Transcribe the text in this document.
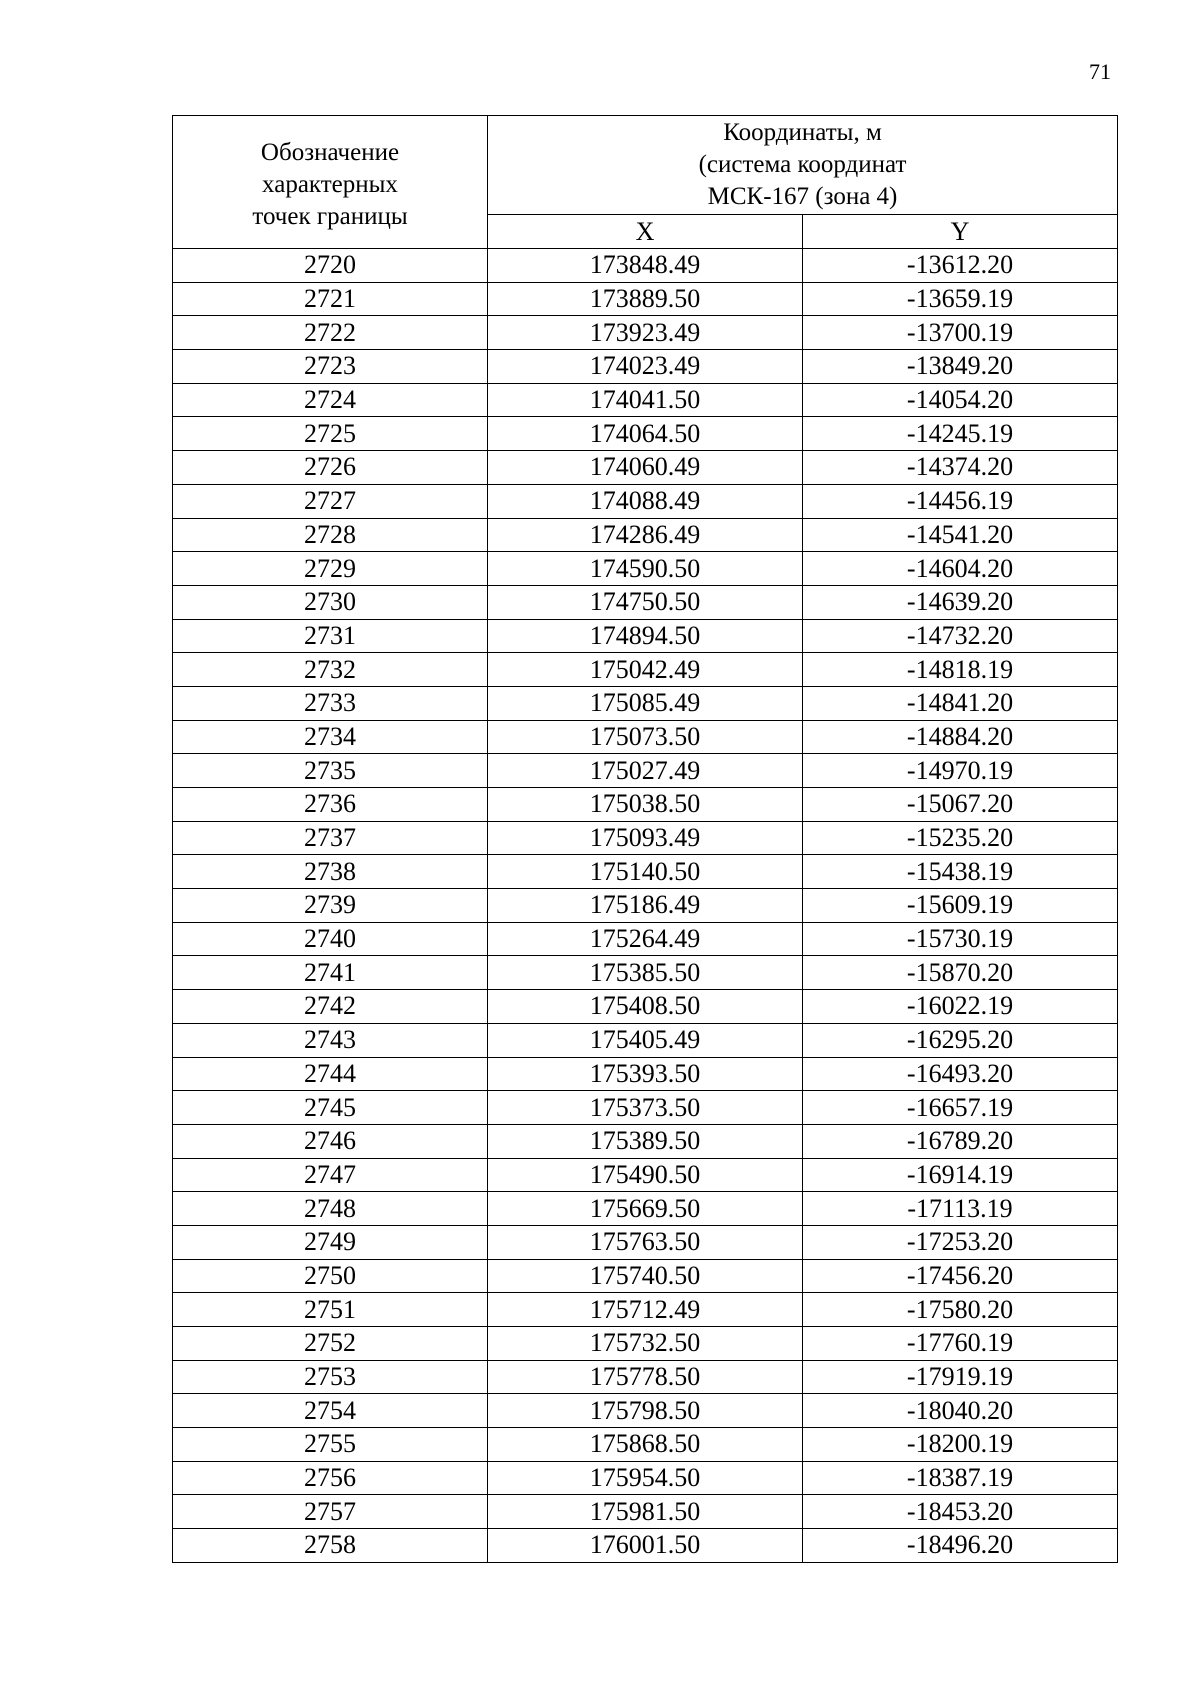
71
Обозначение
характерных
точек границы	Координаты, м
(система координат
МСК-167 (зона 4)	

	X	Y
2720	173848.49	-13612.20
2721	173889.50	-13659.19
2722	173923.49	-13700.19
2723	174023.49	-13849.20
2724	174041.50	-14054.20
2725	174064.50	-14245.19
2726	174060.49	-14374.20
2727	174088.49	-14456.19
2728	174286.49	-14541.20
2729	174590.50	-14604.20
2730	174750.50	-14639.20
2731	174894.50	-14732.20
2732	175042.49	-14818.19
2733	175085.49	-14841.20
2734	175073.50	-14884.20
2735	175027.49	-14970.19
2736	175038.50	-15067.20
2737	175093.49	-15235.20
2738	175140.50	-15438.19
2739	175186.49	-15609.19
2740	175264.49	-15730.19
2741	175385.50	-15870.20
2742	175408.50	-16022.19
2743	175405.49	-16295.20
2744	175393.50	-16493.20
2745	175373.50	-16657.19
2746	175389.50	-16789.20
2747	175490.50	-16914.19
2748	175669.50	-17113.19
2749	175763.50	-17253.20
2750	175740.50	-17456.20
2751	175712.49	-17580.20
2752	175732.50	-17760.19
2753	175778.50	-17919.19
2754	175798.50	-18040.20
2755	175868.50	-18200.19
2756	175954.50	-18387.19
2757	175981.50	-18453.20
2758	176001.50	-18496.20
